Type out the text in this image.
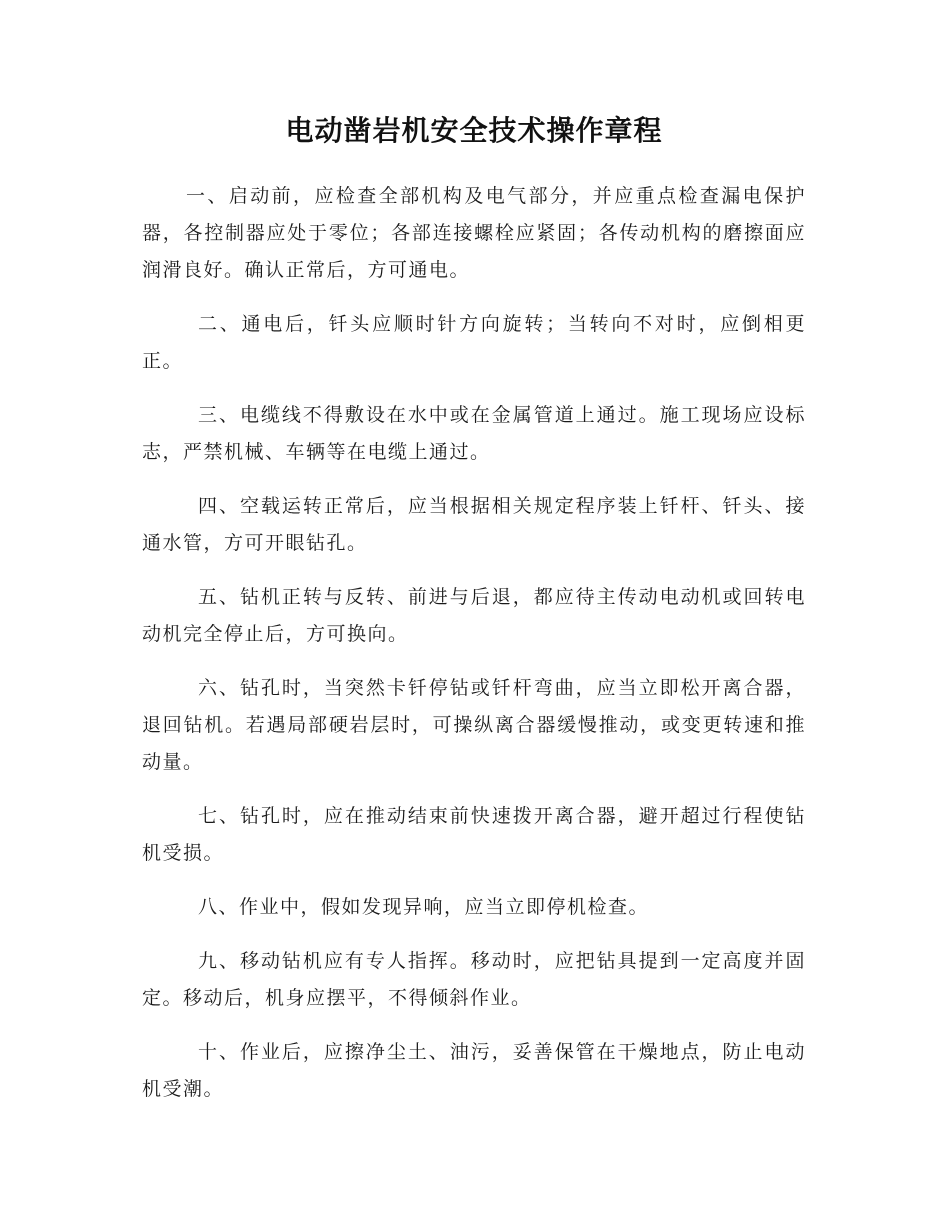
电动凿岩机安全技术操作章程

一、启动前，应检查全部机构及电气部分，并应重点检查漏电保护器，各控制器应处于零位；各部连接螺栓应紧固；各传动机构的磨擦面应润滑良好。确认正常后，方可通电。

二、通电后，钎头应顺时针方向旋转；当转向不对时，应倒相更正。

三、电缆线不得敷设在水中或在金属管道上通过。施工现场应设标志，严禁机械、车辆等在电缆上通过。

四、空载运转正常后，应当根据相关规定程序装上钎杆、钎头、接通水管，方可开眼钻孔。

五、钻机正转与反转、前进与后退，都应待主传动电动机或回转电动机完全停止后，方可换向。

六、钻孔时，当突然卡钎停钻或钎杆弯曲，应当立即松开离合器，退回钻机。若遇局部硬岩层时，可操纵离合器缓慢推动，或变更转速和推动量。

七、钻孔时，应在推动结束前快速拨开离合器，避开超过行程使钻机受损。

八、作业中，假如发现异响，应当立即停机检查。

九、移动钻机应有专人指挥。移动时，应把钻具提到一定高度并固定。移动后，机身应摆平，不得倾斜作业。

十、作业后，应擦净尘土、油污，妥善保管在干燥地点，防止电动机受潮。
